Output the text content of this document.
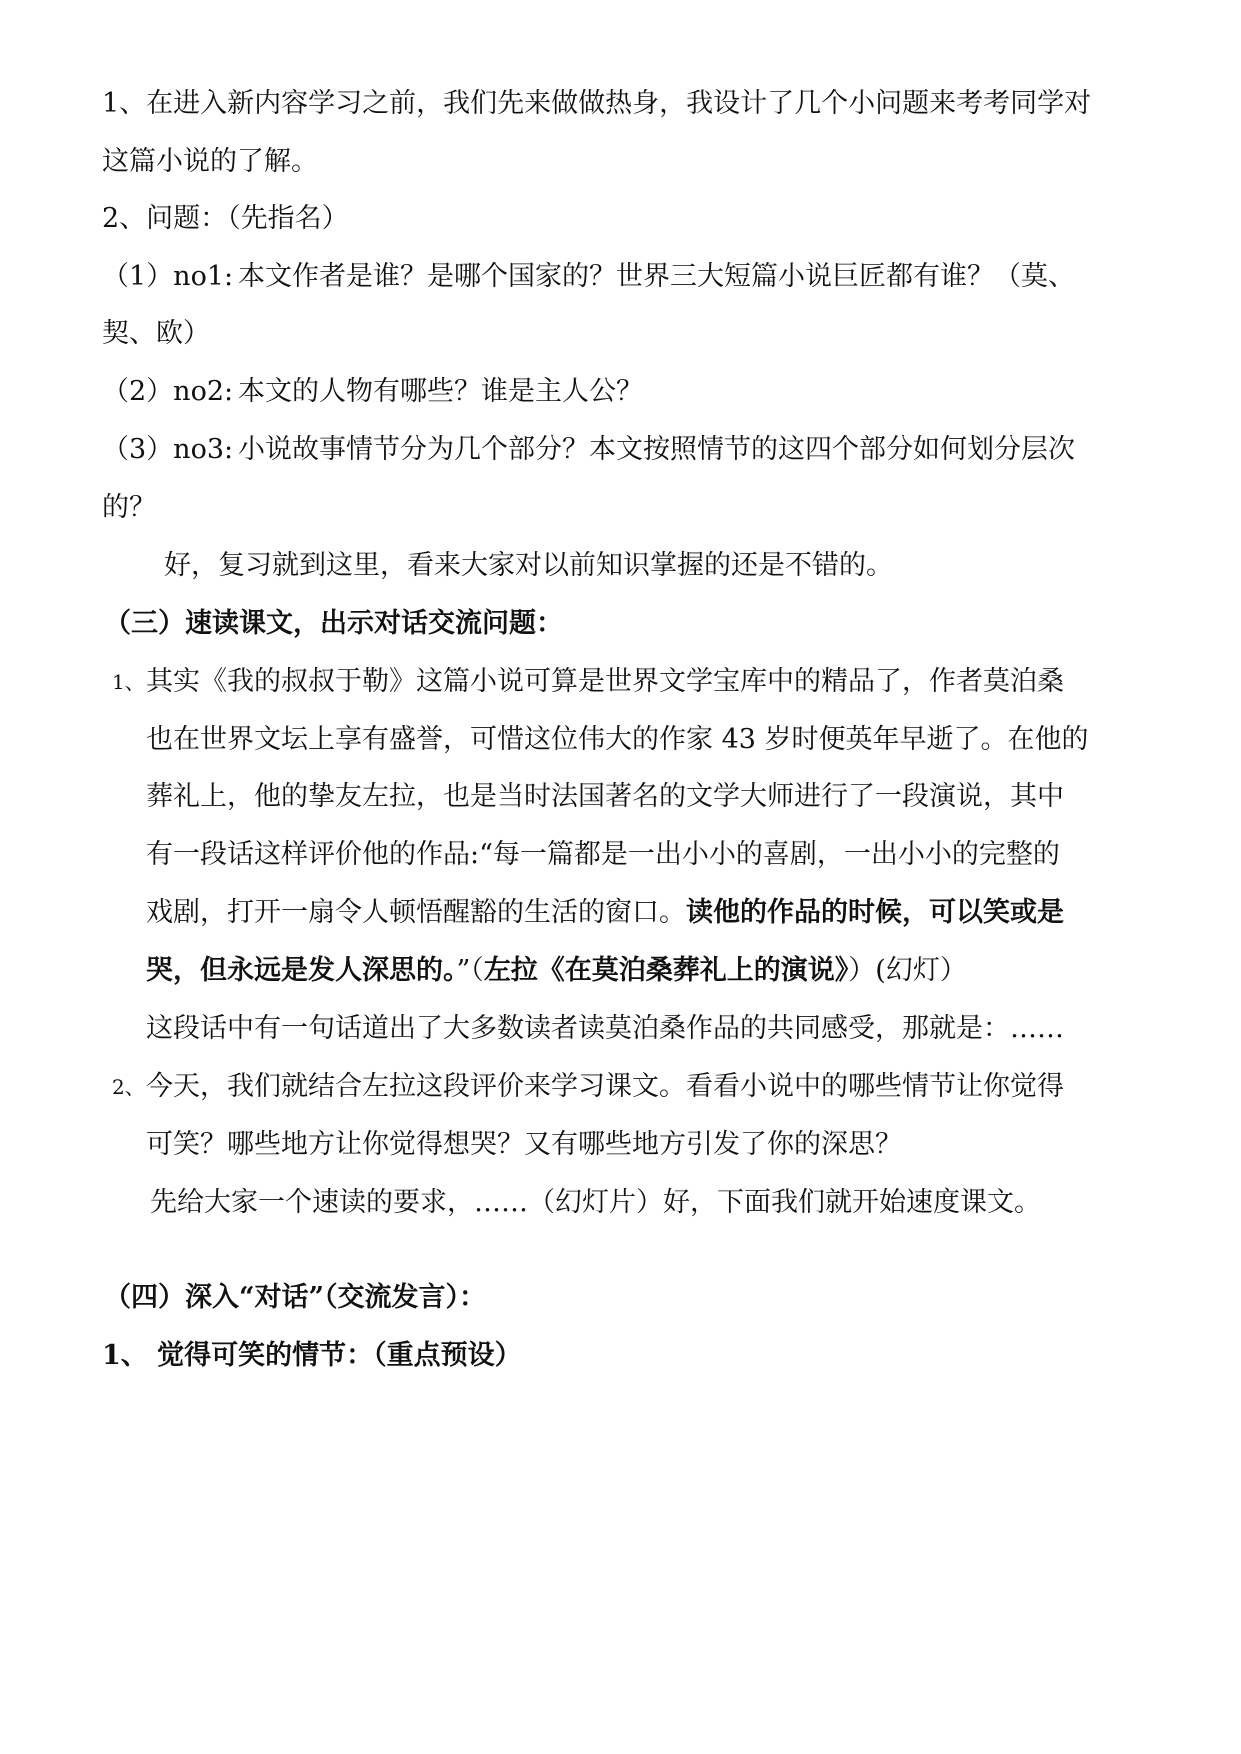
1、在进入新内容学习之前，我们先来做做热身，我设计了几个小问题来考考同学对
这篇小说的了解。
2、问题：（先指名）
（1）no1: 本文作者是谁？是哪个国家的？世界三大短篇小说巨匠都有谁？（莫、
契、欧）
（2）no2: 本文的人物有哪些？谁是主人公？
（3）no3: 小说故事情节分为几个部分？本文按照情节的这四个部分如何划分层次
的？
好，复习就到这里，看来大家对以前知识掌握的还是不错的。
（三）速读课文，出示对话交流问题：
1、 其实《我的叔叔于勒》这篇小说可算是世界文学宝库中的精品了，作者莫泊桑
也在世界文坛上享有盛誉，可惜这位伟大的作家 43 岁时便英年早逝了。在他的
葬礼上，他的挚友左拉，也是当时法国著名的文学大师进行了一段演说，其中
有一段话这样评价他的作品:“每一篇都是一出小小的喜剧，一出小小的完整的
戏剧，打开一扇令人顿悟醒豁的生活的窗口。读他的作品的时候，可以笑或是
哭，但永远是发人深思的。”（左拉《在莫泊桑葬礼上的演说》）(幻灯）
这段话中有一句话道出了大多数读者读莫泊桑作品的共同感受，那就是：……
2、 今天，我们就结合左拉这段评价来学习课文。看看小说中的哪些情节让你觉得
可笑？哪些地方让你觉得想哭？又有哪些地方引发了你的深思？
先给大家一个速读的要求，……（幻灯片）好，下面我们就开始速度课文。
（四）深入“对话”（交流发言）：
1、 觉得可笑的情节：（重点预设）
